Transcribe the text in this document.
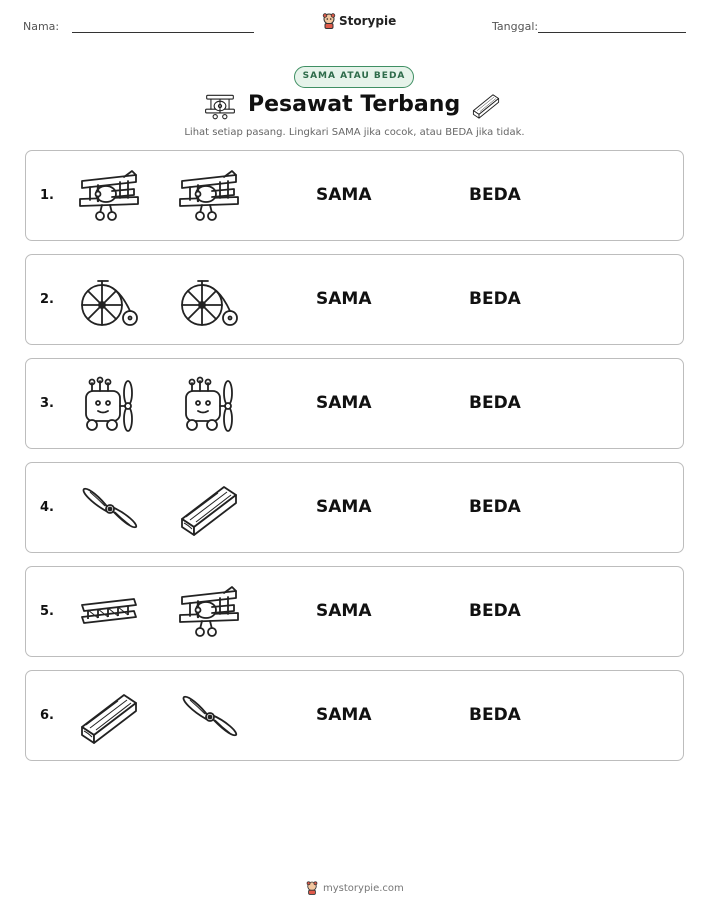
Nama:	Storypie	Tanggal:
SAMA ATAU BEDA
Pesawat Terbang
Lihat setiap pasang. Lingkari SAMA jika cocok, atau BEDA jika tidak.
1.	SAMA	BEDA
2.	SAMA	BEDA
3.	SAMA	BEDA
4.	SAMA	BEDA
5.	SAMA	BEDA
6.	SAMA	BEDA
mystorypie.com
